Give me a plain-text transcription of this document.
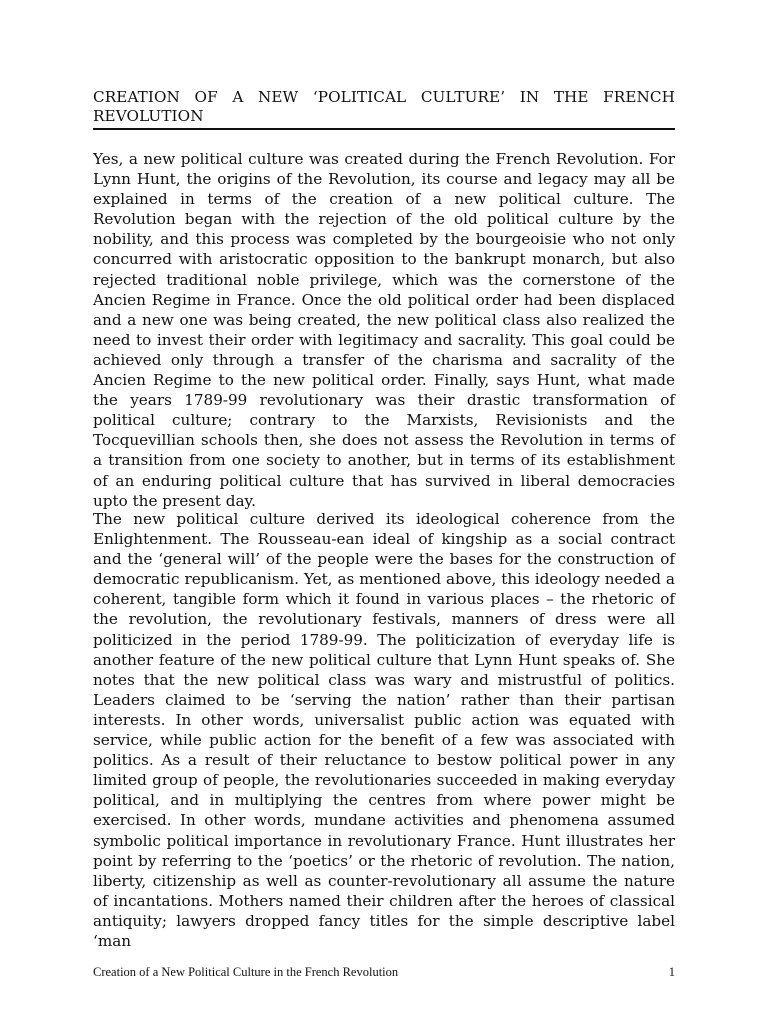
CREATION OF A NEW ‘POLITICAL CULTURE’ IN THE FRENCH REVOLUTION

Yes, a new political culture was created during the French Revolution. For Lynn Hunt, the origins of the Revolution, its course and legacy may all be explained in terms of the creation of a new political culture. The Revolution began with the rejection of the old political culture by the nobility, and this process was completed by the bourgeoisie who not only concurred with aristocratic opposition to the bankrupt monarch, but also rejected traditional noble privilege, which was the cornerstone of the Ancien Regime in France. Once the old political order had been displaced and a new one was being created, the new political class also realized the need to invest their order with legitimacy and sacrality. This goal could be achieved only through a transfer of the charisma and sacrality of the Ancien Regime to the new political order. Finally, says Hunt, what made the years 1789-99 revolutionary was their drastic transformation of political culture; contrary to the Marxists, Revisionists and the Tocquevillian schools then, she does not assess the Revolution in terms of a transition from one society to another, but in terms of its establishment of an enduring political culture that has survived in liberal democracies upto the present day.

The new political culture derived its ideological coherence from the Enlightenment. The Rousseau-ean ideal of kingship as a social contract and the ‘general will’ of the people were the bases for the construction of democratic republicanism. Yet, as mentioned above, this ideology needed a coherent, tangible form which it found in various places – the rhetoric of the revolution, the revolutionary festivals, manners of dress were all politicized in the period 1789-99. The politicization of everyday life is another feature of the new political culture that Lynn Hunt speaks of. She notes that the new political class was wary and mistrustful of politics. Leaders claimed to be ‘serving the nation’ rather than their partisan interests. In other words, universalist public action was equated with service, while public action for the benefit of a few was associated with politics. As a result of their reluctance to bestow political power in any limited group of people, the revolutionaries succeeded in making everyday political, and in multiplying the centres from where power might be exercised. In other words, mundane activities and phenomena assumed symbolic political importance in revolutionary France. Hunt illustrates her point by referring to the ‘poetics’ or the rhetoric of revolution. The nation, liberty, citizenship as well as counter-revolutionary all assume the nature of incantations. Mothers named their children after the heroes of classical antiquity; lawyers dropped fancy titles for the simple descriptive label ‘man

Creation of a New Political Culture in the French Revolution	1
